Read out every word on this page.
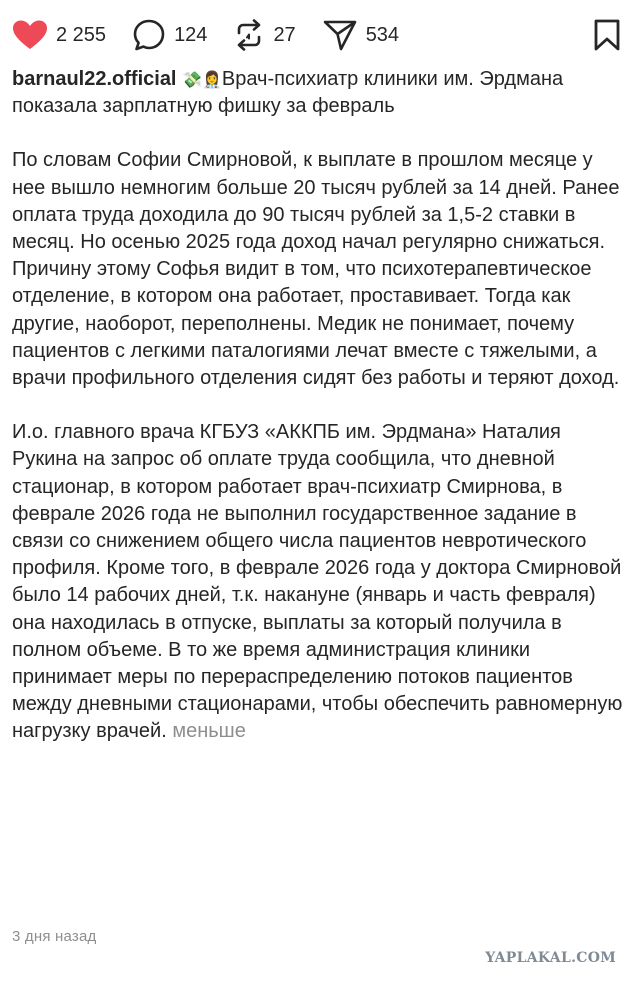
2 255	124	27	534

barnaul22.official 💸👩‍⚕️Врач-психиатр клиники им. Эрдмана показала зарплатную фишку за февраль

По словам Софии Смирновой, к выплате в прошлом месяце у нее вышло немногим больше 20 тысяч рублей за 14 дней. Ранее оплата труда доходила до 90 тысяч рублей за 1,5-2 ставки в месяц. Но осенью 2025 года доход начал регулярно снижаться. Причину этому Софья видит в том, что психотерапевтическое отделение, в котором она работает, проставивает. Тогда как другие, наоборот, переполнены. Медик не понимает, почему пациентов с легкими паталогиями лечат вместе с тяжелыми, а врачи профильного отделения сидят без работы и теряют доход.

И.о. главного врача КГБУЗ «АККПБ им. Эрдмана» Наталия Рукина на запрос об оплате труда сообщила, что дневной стационар, в котором работает врач-психиатр Смирнова, в феврале 2026 года не выполнил государственное задание в связи со снижением общего числа пациентов невротического профиля. Кроме того, в феврале 2026 года у доктора Смирновой было 14 рабочих дней, т.к. накануне (январь и часть февраля) она находилась в отпуске, выплаты за который получила в полном объеме. В то же время администрация клиники принимает меры по перераспределению потоков пациентов между дневными стационарами, чтобы обеспечить равномерную нагрузку врачей. меньше

3 дня назад
YAPLAKAL.COM
